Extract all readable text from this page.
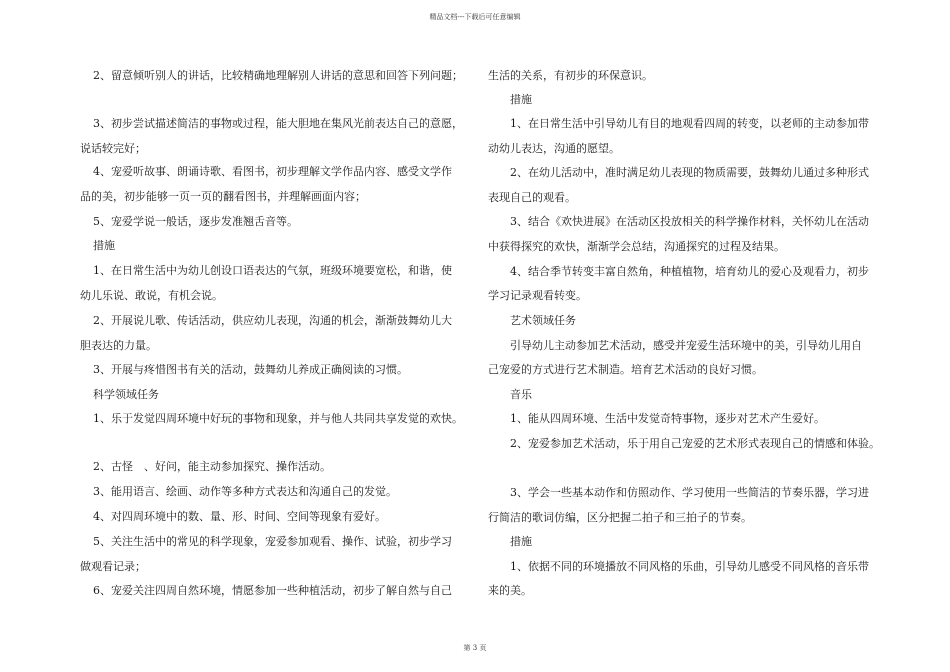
精品文档---下载后可任意编辑
2、留意倾听别人的讲话，比较精确地理解别人讲话的意思和回答下列问题；
3、初步尝试描述简洁的事物或过程，能大胆地在集风光前表达自己的意愿，
说话较完好；
4、宠爱听故事、朗诵诗歌、看图书，初步理解文学作品内容、感受文学作
品的美，初步能够一页一页的翻看图书，并理解画面内容；
5、宠爱学说一般话，逐步发准翘舌音等。
措施
1、在日常生活中为幼儿创设口语表达的气氛，班级环境要宽松，和谐，使
幼儿乐说、敢说，有机会说。
2、开展说儿歌、传话活动，供应幼儿表现，沟通的机会，渐渐鼓舞幼儿大
胆表达的力量。
3、开展与疼惜图书有关的活动，鼓舞幼儿养成正确阅读的习惯。
科学领域任务
1、乐于发觉四周环境中好玩的事物和现象，并与他人共同共享发觉的欢快。
2、古怪　、好问，能主动参加探究、操作活动。
3、能用语言、绘画、动作等多种方式表达和沟通自己的发觉。
4、对四周环境中的数、量、形、时间、空间等现象有爱好。
5、关注生活中的常见的科学现象，宠爱参加观看、操作、试验，初步学习
做观看记录；
6、宠爱关注四周自然环境，情愿参加一些种植活动，初步了解自然与自己
生活的关系，有初步的环保意识。
措施
1、在日常生活中引导幼儿有目的地观看四周的转变，以老师的主动参加带
动幼儿表达，沟通的愿望。
2、在幼儿活动中，准时满足幼儿表现的物质需要，鼓舞幼儿通过多种形式
表现自己的观看。
3、结合《欢快进展》在活动区投放相关的科学操作材料，关怀幼儿在活动
中获得探究的欢快，渐渐学会总结，沟通探究的过程及结果。
4、结合季节转变丰富自然角，种植植物，培育幼儿的爱心及观看力，初步
学习记录观看转变。
艺术领域任务
引导幼儿主动参加艺术活动，感受并宠爱生活环境中的美，引导幼儿用自
己宠爱的方式进行艺术制造。培育艺术活动的良好习惯。
音乐
1、能从四周环境、生活中发觉奇特事物，逐步对艺术产生爱好。
2、宠爱参加艺术活动，乐于用自己宠爱的艺术形式表现自己的情感和体验。
3、学会一些基本动作和仿照动作、学习使用一些简洁的节奏乐器，学习进
行简洁的歌词仿编，区分把握二拍子和三拍子的节奏。
措施
1、依据不同的环境播放不同风格的乐曲，引导幼儿感受不同风格的音乐带
来的美。
第 3 页
